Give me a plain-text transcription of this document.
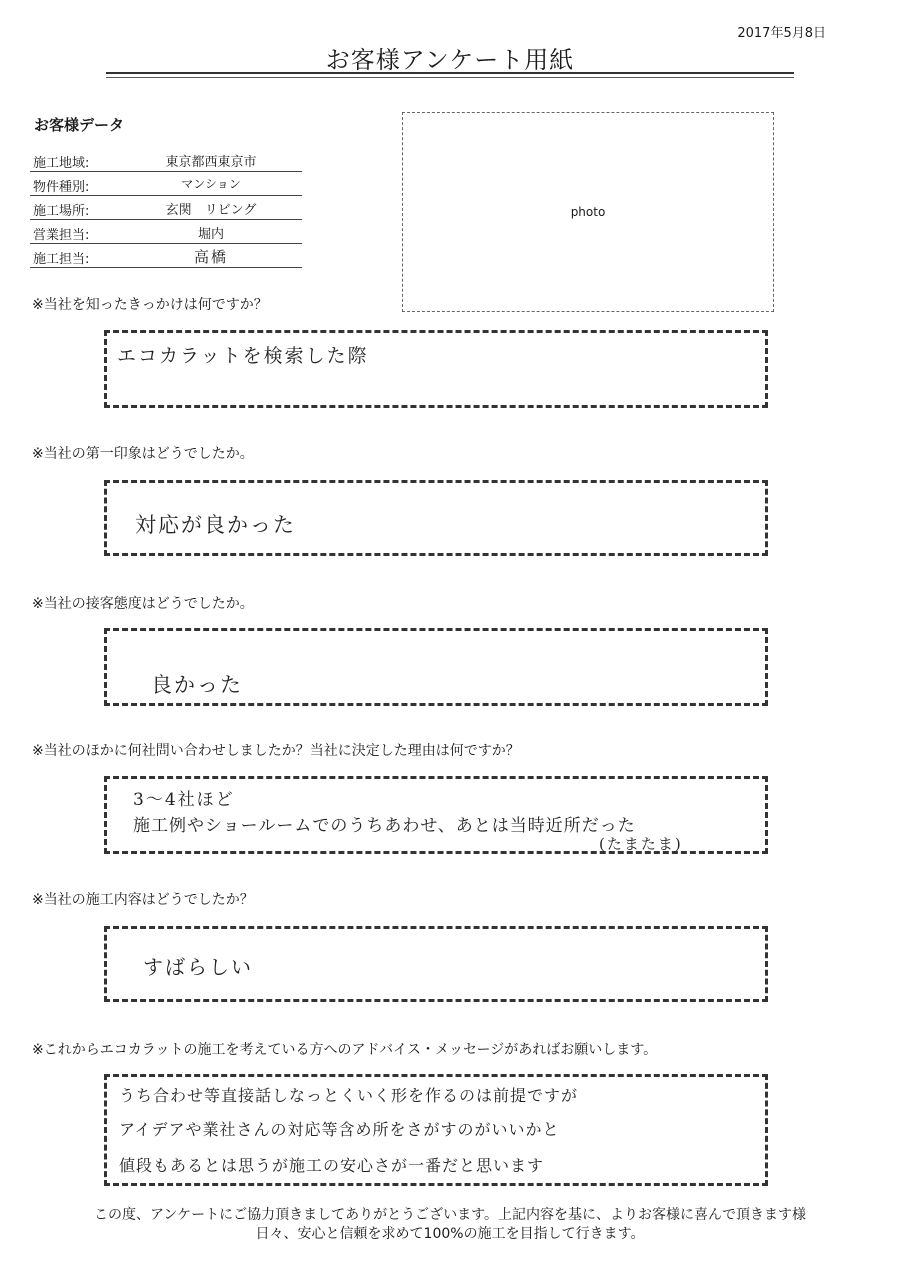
2017年5月8日
お客様アンケート用紙
お客様データ
施工地域:	東京都西東京市
物件種別:	マンション
施工場所:	玄関　リビング
営業担当:	堀内
施工担当:	高橋
photo
※当社を知ったきっかけは何ですか？
エコカラットを検索した際
※当社の第一印象はどうでしたか。
対応が良かった
※当社の接客態度はどうでしたか。
良かった
※当社のほかに何社問い合わせしましたか？当社に決定した理由は何ですか？
3〜4社ほど
施工例やショールームでのうちあわせ、あとは当時近所だった
(たまたま)
※当社の施工内容はどうでしたか？
すばらしい
※これからエコカラットの施工を考えている方へのアドバイス・メッセージがあればお願いします。
うち合わせ等直接話しなっとくいく形を作るのは前提ですが
アイデアや業社さんの対応等含め所をさがすのがいいかと
値段もあるとは思うが施工の安心さが一番だと思います
この度、アンケートにご協力頂きましてありがとうございます。上記内容を基に、よりお客様に喜んで頂きます様
日々、安心と信頼を求めて100%の施工を目指して行きます。
